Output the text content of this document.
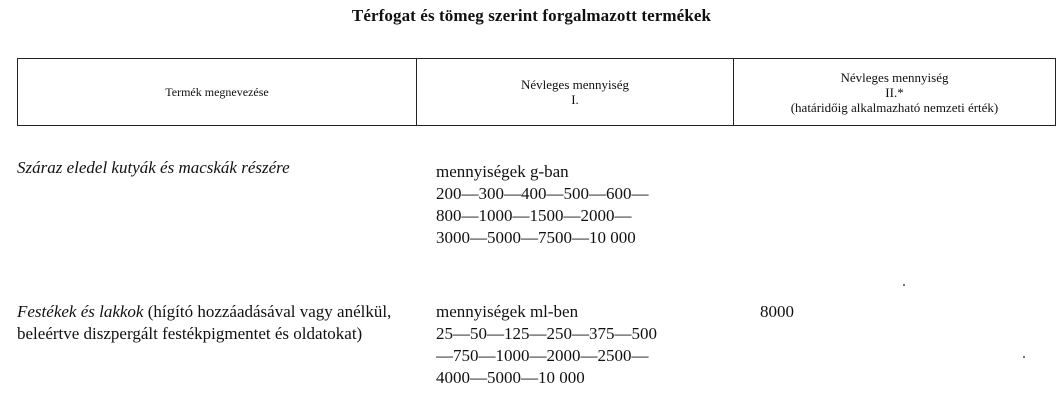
Térfogat és tömeg szerint forgalmazott termékek
Termék megnevezése	Névleges mennyiség
I.
Névleges mennyiség
II.*
(határidőig alkalmazható nemzeti érték)
Száraz eledel kutyák és macskák részére	mennyiségek g-ban
200—300—400—500—600—
800—1000—1500—2000—
3000—5000—7500—10 000
Festékek és lakkok (hígító hozzáadásával vagy anélkül, beleértve diszpergált festékpigmentet és oldatokat)
mennyiségek ml-ben
25—50—125—250—375—500
—750—1000—2000—2500—
4000—5000—10 000
8000
